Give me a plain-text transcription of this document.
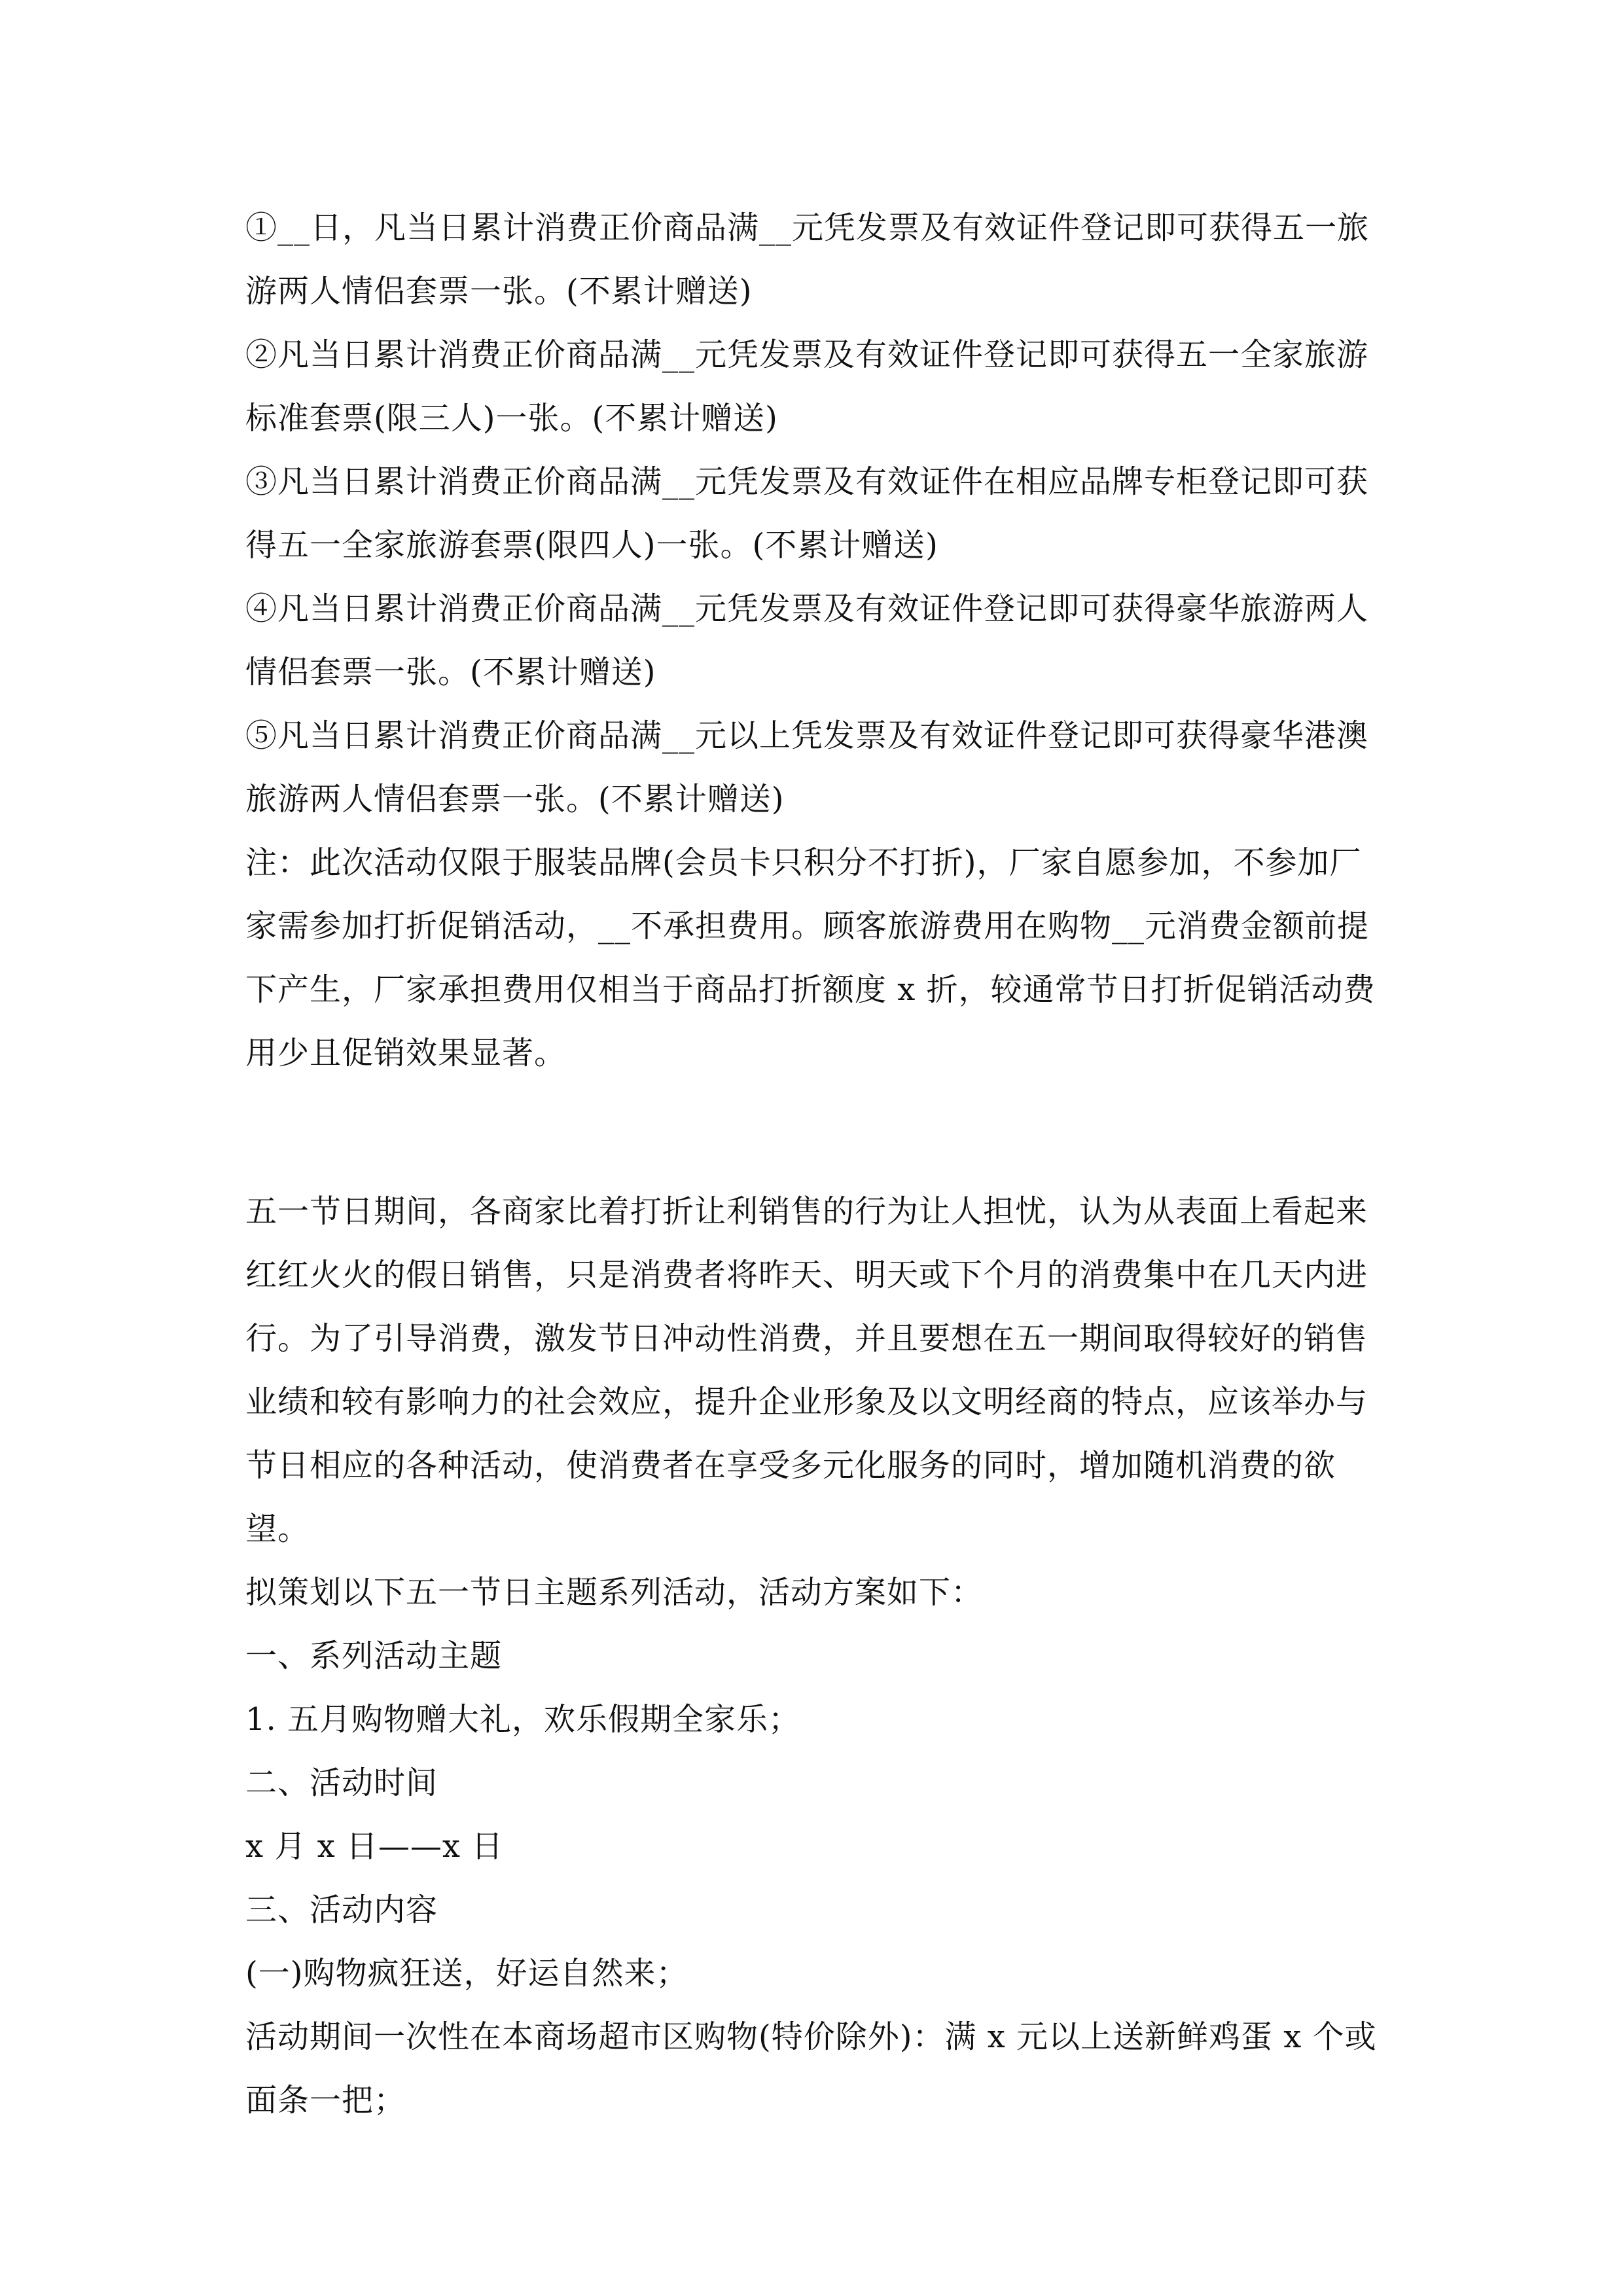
①__日，凡当日累计消费正价商品满__元凭发票及有效证件登记即可获得五一旅游两人情侣套票一张。(不累计赠送)

②凡当日累计消费正价商品满__元凭发票及有效证件登记即可获得五一全家旅游标准套票(限三人)一张。(不累计赠送)

③凡当日累计消费正价商品满__元凭发票及有效证件在相应品牌专柜登记即可获得五一全家旅游套票(限四人)一张。(不累计赠送)

④凡当日累计消费正价商品满__元凭发票及有效证件登记即可获得豪华旅游两人情侣套票一张。(不累计赠送)

⑤凡当日累计消费正价商品满__元以上凭发票及有效证件登记即可获得豪华港澳旅游两人情侣套票一张。(不累计赠送)

注：此次活动仅限于服装品牌(会员卡只积分不打折)，厂家自愿参加，不参加厂家需参加打折促销活动，__不承担费用。顾客旅游费用在购物__元消费金额前提下产生，厂家承担费用仅相当于商品打折额度 x 折，较通常节日打折促销活动费用少且促销效果显著。

五一节日期间，各商家比着打折让利销售的行为让人担忧，认为从表面上看起来红红火火的假日销售，只是消费者将昨天、明天或下个月的消费集中在几天内进行。为了引导消费，激发节日冲动性消费，并且要想在五一期间取得较好的销售业绩和较有影响力的社会效应，提升企业形象及以文明经商的特点，应该举办与节日相应的各种活动，使消费者在享受多元化服务的同时，增加随机消费的欲望。

拟策划以下五一节日主题系列活动，活动方案如下：

一、系列活动主题

1. 五月购物赠大礼，欢乐假期全家乐；

二、活动时间

x 月 x 日——x 日

三、活动内容

(一)购物疯狂送，好运自然来；

活动期间一次性在本商场超市区购物(特价除外)：满 x 元以上送新鲜鸡蛋 x 个或面条一把；
